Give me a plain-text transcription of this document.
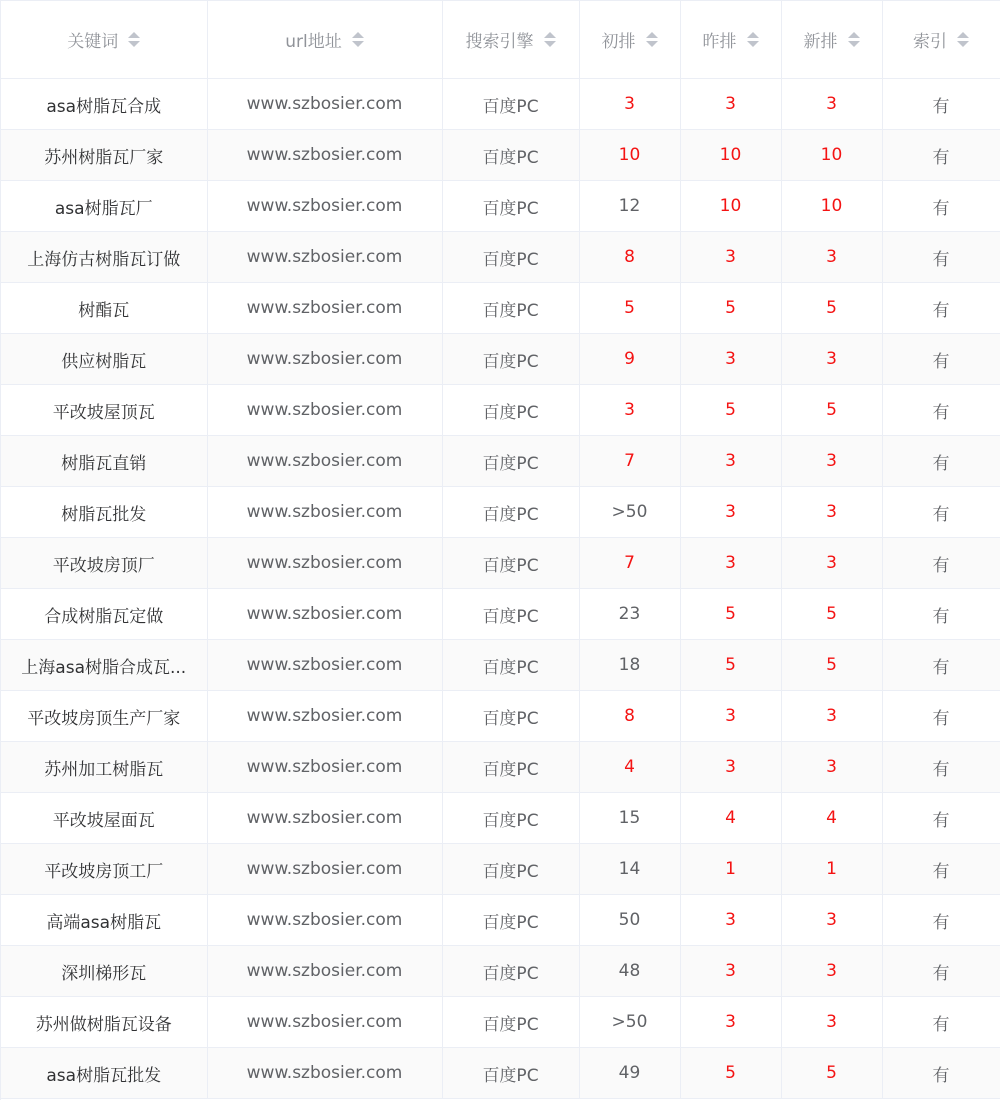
关键词	url地址	搜索引擎	初排	昨排	新排	索引

asa树脂瓦合成	www.szbosier.com	百度PC	3	3	3	有
苏州树脂瓦厂家	www.szbosier.com	百度PC	10	10	10	有
asa树脂瓦厂	www.szbosier.com	百度PC	12	10	10	有
上海仿古树脂瓦订做	www.szbosier.com	百度PC	8	3	3	有
树酯瓦	www.szbosier.com	百度PC	5	5	5	有
供应树脂瓦	www.szbosier.com	百度PC	9	3	3	有
平改坡屋顶瓦	www.szbosier.com	百度PC	3	5	5	有
树脂瓦直销	www.szbosier.com	百度PC	7	3	3	有
树脂瓦批发	www.szbosier.com	百度PC	>50	3	3	有
平改坡房顶厂	www.szbosier.com	百度PC	7	3	3	有
合成树脂瓦定做	www.szbosier.com	百度PC	23	5	5	有
上海asa树脂合成瓦...	www.szbosier.com	百度PC	18	5	5	有
平改坡房顶生产厂家	www.szbosier.com	百度PC	8	3	3	有
苏州加工树脂瓦	www.szbosier.com	百度PC	4	3	3	有
平改坡屋面瓦	www.szbosier.com	百度PC	15	4	4	有
平改坡房顶工厂	www.szbosier.com	百度PC	14	1	1	有
高端asa树脂瓦	www.szbosier.com	百度PC	50	3	3	有
深圳梯形瓦	www.szbosier.com	百度PC	48	3	3	有
苏州做树脂瓦设备	www.szbosier.com	百度PC	>50	3	3	有
asa树脂瓦批发	www.szbosier.com	百度PC	49	5	5	有
